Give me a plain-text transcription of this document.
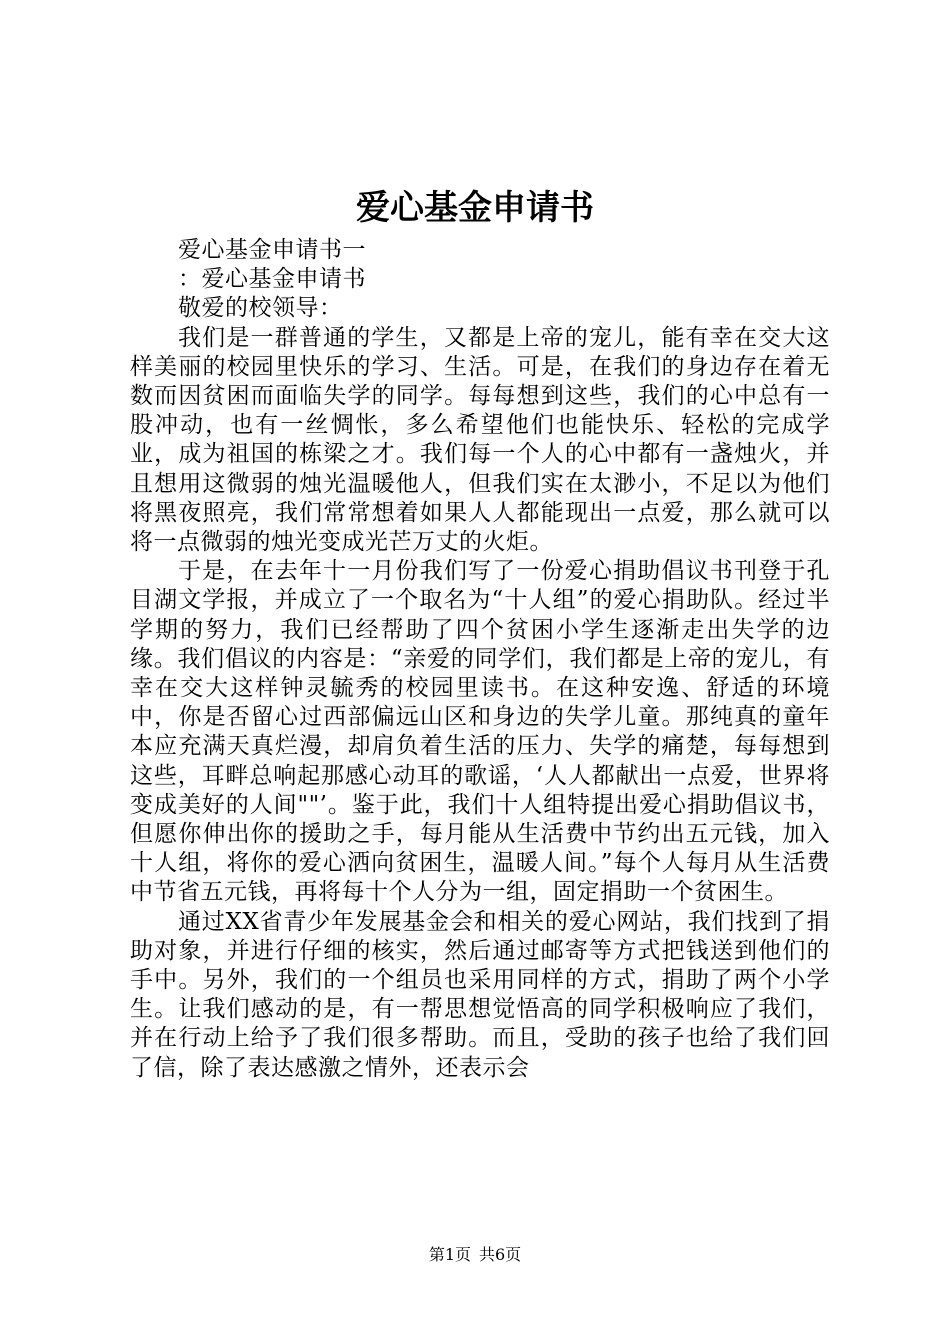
爱心基金申请书

爱心基金申请书一

：爱心基金申请书

敬爱的校领导：

我们是一群普通的学生，又都是上帝的宠儿，能有幸在交大这样美丽的校园里快乐的学习、生活。可是，在我们的身边存在着无数而因贫困而面临失学的同学。每每想到这些，我们的心中总有一股冲动，也有一丝惆怅，多么希望他们也能快乐、轻松的完成学业，成为祖国的栋梁之才。我们每一个人的心中都有一盏烛火，并且想用这微弱的烛光温暖他人，但我们实在太渺小，不足以为他们将黑夜照亮，我们常常想着如果人人都能现出一点爱，那么就可以将一点微弱的烛光变成光芒万丈的火炬。

于是，在去年十一月份我们写了一份爱心捐助倡议书刊登于孔目湖文学报，并成立了一个取名为“十人组”的爱心捐助队。经过半学期的努力，我们已经帮助了四个贫困小学生逐渐走出失学的边缘。我们倡议的内容是：“亲爱的同学们，我们都是上帝的宠儿，有幸在交大这样钟灵毓秀的校园里读书。在这种安逸、舒适的环境中，你是否留心过西部偏远山区和身边的失学儿童。那纯真的童年本应充满天真烂漫，却肩负着生活的压力、失学的痛楚，每每想到这些，耳畔总响起那感心动耳的歌谣，‘人人都献出一点爱，世界将变成美好的人间""’。鉴于此，我们十人组特提出爱心捐助倡议书，但愿你伸出你的援助之手，每月能从生活费中节约出五元钱，加入十人组，将你的爱心洒向贫困生，温暖人间。”每个人每月从生活费中节省五元钱，再将每十个人分为一组，固定捐助一个贫困生。

通过XX省青少年发展基金会和相关的爱心网站，我们找到了捐助对象，并进行仔细的核实，然后通过邮寄等方式把钱送到他们的手中。另外，我们的一个组员也采用同样的方式，捐助了两个小学生。让我们感动的是，有一帮思想觉悟高的同学积极响应了我们，并在行动上给予了我们很多帮助。而且，受助的孩子也给了我们回了信，除了表达感激之情外，还表示会

第1页 共6页
